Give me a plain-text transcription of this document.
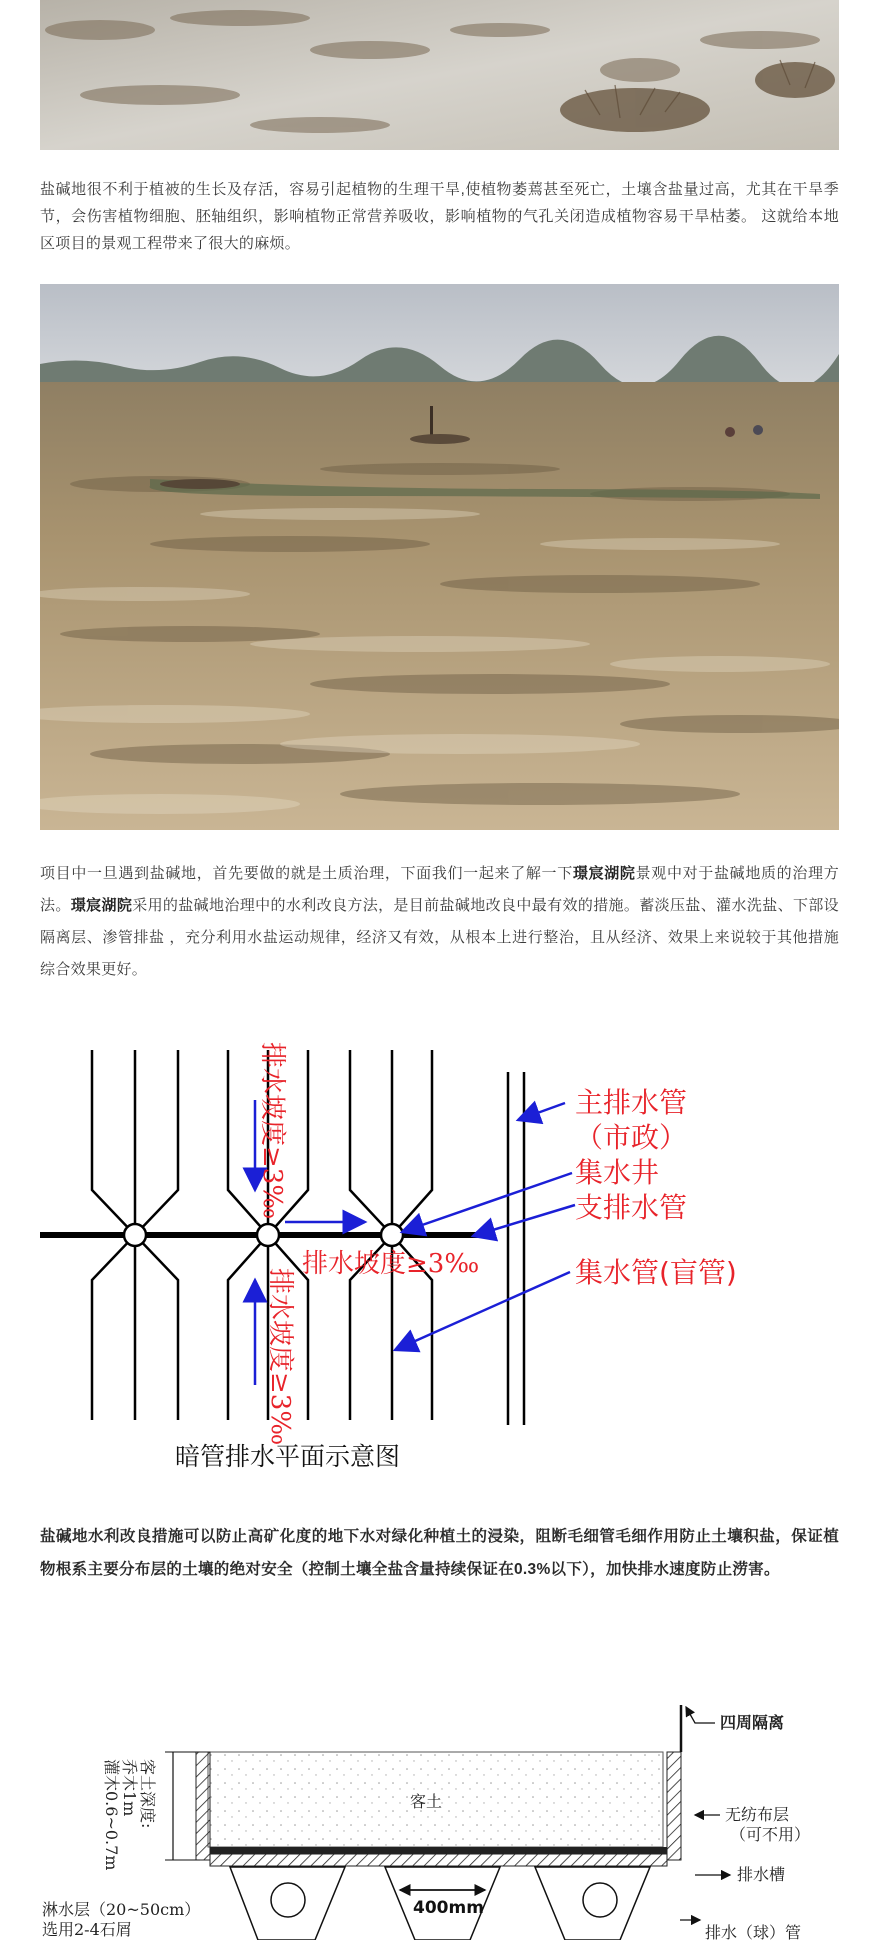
盐碱地很不利于植被的生长及存活，容易引起植物的生理干旱,使植物萎蔫甚至死亡，土壤含盐量过高，尤其在干旱季节，会伤害植物细胞、胚轴组织，影响植物正常营养吸收，影响植物的气孔关闭造成植物容易干旱枯萎。 这就给本地区项目的景观工程带来了很大的麻烦。

项目中一旦遇到盐碱地，首先要做的就是土质治理，下面我们一起来了解一下璟宸湖院景观中对于盐碱地质的治理方法。璟宸湖院采用的盐碱地治理中的水利改良方法，是目前盐碱地改良中最有效的措施。蓄淡压盐、灌水洗盐、下部设隔离层、渗管排盐 ，充分利用水盐运动规律，经济又有效，从根本上进行整治，且从经济、效果上来说较于其他措施综合效果更好。

排水坡度≥3‰
排水坡度≥3‰
排水坡度≥3‰
主排水管
（市政）
集水井
支排水管
集水管(盲管)
暗管排水平面示意图

盐碱地水利改良措施可以防止高矿化度的地下水对绿化种植土的浸染，阻断毛细管毛细作用防止土壤积盐，保证植物根系主要分布层的土壤的绝对安全（控制土壤全盐含量持续保证在0.3%以下），加快排水速度防止涝害。

四周隔离
客土
客土深度:
乔木1m
灌木0.6~0.7m	无纺布层
（可不用）
排水槽
淋水层（20~50cm）
选用2-4石屑
400mm
排水（球）管
